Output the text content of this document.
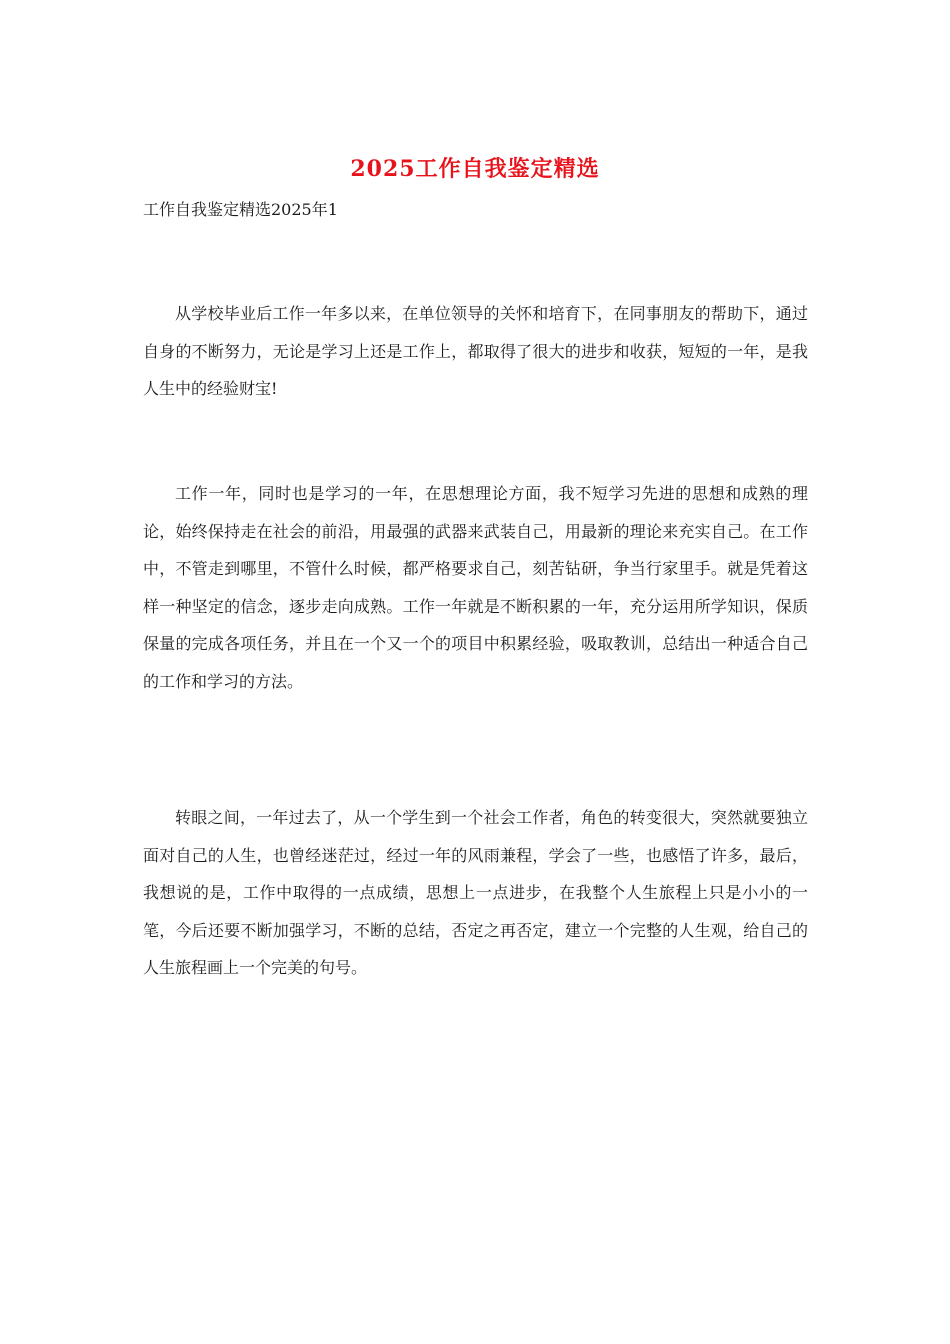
2025工作自我鉴定精选
工作自我鉴定精选2025年1

从学校毕业后工作一年多以来，在单位领导的关怀和培育下，在同事朋友的帮助下，通过自身的不断努力，无论是学习上还是工作上，都取得了很大的进步和收获，短短的一年，是我人生中的经验财宝!

工作一年，同时也是学习的一年，在思想理论方面，我不短学习先进的思想和成熟的理论，始终保持走在社会的前沿，用最强的武器来武装自己，用最新的理论来充实自己。在工作中，不管走到哪里，不管什么时候，都严格要求自己，刻苦钻研，争当行家里手。就是凭着这样一种坚定的信念，逐步走向成熟。工作一年就是不断积累的一年，充分运用所学知识，保质保量的完成各项任务，并且在一个又一个的项目中积累经验，吸取教训，总结出一种适合自己的工作和学习的方法。

转眼之间，一年过去了，从一个学生到一个社会工作者，角色的转变很大，突然就要独立面对自己的人生，也曾经迷茫过，经过一年的风雨兼程，学会了一些，也感悟了许多，最后，我想说的是，工作中取得的一点成绩，思想上一点进步，在我整个人生旅程上只是小小的一笔，今后还要不断加强学习，不断的总结，否定之再否定，建立一个完整的人生观，给自己的人生旅程画上一个完美的句号。
